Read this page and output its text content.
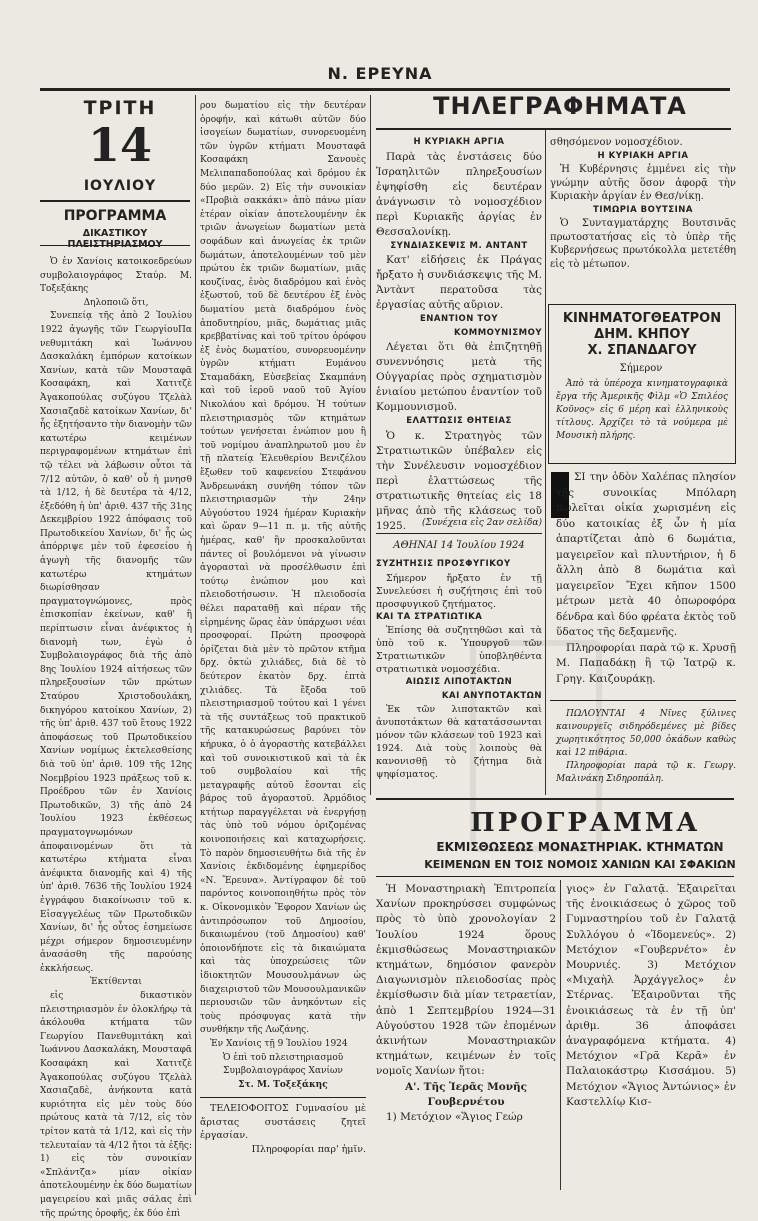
Ν. ΕΡΕΥΝΑ
ΤΡΙΤΗ
14
ΙΟΥΛΙΟΥ
ΠΡΟΓΡΑΜΜΑ
ΔΙΚΑΣΤΙΚΟΥ

Ὁ ἐν Χανίοις κατοικοεδρεύων συμβολαιογράφος Σταύρ. Μ. Τοξεξάκης

Δηλοποιῶ ὅτι,

Συνεπείᾳ τῆς ἀπὸ 2 Ἰουλίου 1922 ἀγωγῆς τῶν ΓεωργίουΠα νεθυμιτάκη καὶ Ἰωάννου Δασκαλάκη ἐμπόρων κατοίκων Χανίων, κατὰ τῶν Μουσταφᾶ Κοσαφάκη, καὶ Χατιτζὲ Ἀγακοπούλας συζύγου Τζελὰλ Χασιαζαδὲ κατοίκων Χανίων, δι' ἧς ἐξητήσαντο τὴν διανομὴν τῶν κατωτέρω κειμένων περιγραφομένων κτημάτων ἐπὶ τῷ τέλει νὰ λάβωσιν οὗτοι τὰ 7/12 αὐτῶν, ὁ καθ' οὗ ἡ μνησθ τὰ 1/12, ἡ δὲ δευτέρα τὰ 4/12, ἐξεδόθη ἡ ὑπ' ἀριθ. 437 τῆς 31ης Δεκεμβρίου 1922 ἀπόφασις τοῦ Πρωτοδικείου Χανίων, δι' ἧς ὡς ἀπόρριψε μὲν τοῦ ἐφεσείου ἡ ἀγωγὴ τῆς διανομῆς τῶν κατωτέρω κτημάτων διωρίσθησαν πραγματογνώμονες, πρὸς ἐπισκοπίαν ἐκείνων, καθ' ἣ περίπτωσιν εἶναι ἀνέφικτος ἡ διανομὴ των, ἐγὼ ὁ Συμβολαιογράφος διὰ τῆς ἀπὸ 8ης Ἰουλίου 1924 αἰτήσεως τῶν πληρεξουσίων τῶν πρώτων Σταύρου Χριστοδουλάκη, δικηγόρου κατοίκου Χανίων, 2) τῆς ὑπ' ἀριθ. 437 τοῦ ἔτους 1922 ἀποφάσεως τοῦ Πρωτοδικείου Χανίων νομίμως ἐκτελεσθείσης διὰ τοῦ ὑπ' ἀριθ. 109 τῆς 12ης Νοεμβρίου 1923 πράξεως τοῦ κ. Προέδρου τῶν ἐν Χανίοις Πρωτοδικῶν, 3) τῆς ἀπὸ 24 Ἰουλίου 1923 ἐκθέσεως πραγματογνωμόνων ἀποφαινομένων ὅτι τὰ κατωτέρω κτήματα εἶναι ἀνέφικτα διανομῆς καὶ 4) τῆς ὑπ' ἀριθ. 7636 τῆς Ἰουλίου 1924 ἐγγράφου διακοίνωσιν τοῦ κ. Εἰσαγγελέως τῶν Πρωτοδικῶν Χανίων, δι' ἧς οὗτος ἐσημείωσε μέχρι σήμερον δημοσιευμένην ἀνασάσθη τῆς παρούσης ἐκκλήσεως.

Ἐκτίθενται

εἰς δικαστικὸν πλειστηριασμὸν ἐν ὁλοκλήρῳ τὰ ἀκόλουθα κτήματα τῶν Γεωργίου Πανεθυμιτάκη καὶ Ἰωάννου Δασκαλάκη, Μουσταφᾶ Κοσαφάκη καὶ Χατιτζὲ Ἀγακοπούλας συζύγου Τζελὰλ Χασιαζαδὲ, ἀνήκοντα κατὰ κυριότητα εἰς μὲν τοὺς δύο πρώτους κατὰ τὰ 7/12, εἰς τὸν τρίτον κατὰ τὰ 1/12, καὶ εἰς τὴν τελευταίαν τὰ 4/12 ἤτοι τὰ ἑξῆς: 1) εἰς τὸν συνοικίαν «Σπλάντζα» μίαν οἰκίαν ἀποτελουμένην ἐκ δύο δωματίων μαγειρείου καὶ μιᾶς σάλας ἐπὶ τῆς πρώτης ὀροφῆς, ἐκ δύο ἐπὶ

ρου δωματίου εἰς τὴν δευτέραν ὀροφήν, καὶ κάτωθι αὐτῶν δύο ἰσογείων δωματίων, συνορευομένη τῶν ὑγρῶν κτήματι Μουσταφᾶ Κοσαφάκη Σανουὲς Μελιπαπαδοπούλας καὶ δρόμου ἐκ δύο μερῶν. 2) Εἰς τὴν συνοικίαν «Προβιὰ σακκάκι» ἀπὸ πάνω μίαν ἑτέραν οἰκίαν ἀποτελουμένην ἐκ τριῶν ἀνωγείων δωματίων μετὰ σοφάδων καὶ ἀνωγείας ἐκ τριῶν δωμάτων, ἀποτελουμένων τοῦ μὲν πρώτου ἐκ τριῶν δωματίων, μιᾶς κουζίνας, ἑνὸς διαδρόμου καὶ ἑνὸς ἐξωστοῦ, τοῦ δὲ δευτέρου ἐξ ἑνὸς δωματίου μετὰ διαδρόμου ἑνὸς ἀποδυτηρίου, μιᾶς, δωμάτιας μιᾶς κρεββατίνας καὶ τοῦ τρίτου ὀρόφου ἐξ ἑνὸς δωματίου, συνορευομένην ὑγρῶν κτήματι Ευμάνου Σταμαδάκη, Εὐσεβείας Σκαμπάνη καὶ τοῦ ἱεροῦ ναοῦ τοῦ Ἁγίου Νικολάου καὶ δρόμου. Ἡ τούτων πλειστηριασμὸς τῶν κτημάτων τούτων γενήσεται ἐνώπιον μου ἢ τοῦ νομίμου ἀναπληρωτοῦ μου ἐν τῇ πλατείᾳ Ἐλευθερίου Βενιζέλου ἔξωθεν τοῦ καφενείου Στεφάνου Ἀνδρεωνάκη συνήθη τόπον τῶν πλειστηριασμῶν τὴν 24ην Αὐγούστου 1924 ἡμέραν Κυριακὴν καὶ ὥραν 9—11 π. μ. τῆς αὐτῆς ἡμέρας, καθ' ἣν προσκαλοῦνται πάντες οἱ βουλόμενοι νὰ γίνωσιν ἀγορασταὶ νὰ προσέλθωσιν ἐπὶ τούτῳ ἐνώπιον μου καὶ πλειοδοτήσωσιν. Ἡ πλειοδοσία θέλει παραταθῇ καὶ πέραν τῆς εἰρημένης ὥρας ἐὰν ὑπάρχωσι νέαι προσφοραί. Πρώτη προσφορὰ ὁρίζεται διὰ μὲν τὸ πρῶτον κτῆμα δρχ. ὀκτὼ χιλιάδες, διὰ δὲ τὸ δεύτερον ἑκατὸν δρχ. ἑπτὰ χιλιάδες. Τὰ ἔξοδα τοῦ πλειστηριασμοῦ τούτου καὶ 1 γένει τὰ τῆς συντάξεως τοῦ πρακτικοῦ τῆς κατακυρώσεως βαρύνει τὸν κήρυκα, ὁ ὁ ἀγοραστὴς κατεβάλλει καὶ τοῦ συνοικιστικοῦ καὶ τὰ ἐκ τοῦ συμβολαίου καὶ τῆς μεταγραφῆς αὐτοῦ ἔσονται εἰς βάρος τοῦ ἀγοραστοῦ. Ἁρμόδιος κτήτωρ παραγγέλεται νὰ ἐνεργήσῃ τὰς ὑπὸ τοῦ νόμου ὁριζομένας κοινοποιήσεις καὶ καταχωρήσεις. Τὸ παρὸν δημοσιευθήτω διὰ τῆς ἐν Χανίοις ἐκδιδομένης ἐφημερίδος «Ν. Ἔρευνα». Ἀντίγραφον δὲ τοῦ παρόντος κοινοποιηθήτω πρὸς τὸν κ. Οἰκονομικὸν Ἔφορον Χανίων ὡς ἀντιπρόσωπον τοῦ Δημοσίου, δικαιωμένου (τοῦ Δημοσίου) καθ' ὁποιονδήποτε εἰς τὰ δικαιώματα καὶ τὰς ὑποχρεώσεις τῶν ἰδιοκτητῶν Μουσουλμάνων ὡς διαχειριστοῦ τῶν Μουσουλμανικῶν περιουσιῶν τῶν ἀνηκόντων εἰς τοὺς πρόσφυγας κατὰ τὴν συνθήκην τῆς Λωζάνης.

Ἐν Χανίοις τῇ 9 Ἰουλίου 1924

Ὁ ἐπὶ τοῦ πλειστηριασμοῦ Συμβολαιογράφος Χανίων

Στ. Μ. Τοξεξάκης

ΤΕΛΕΙΟΦΟΙΤΟΣ Γυμνασίου μὲ ἄριστας συστάσεις ζητεῖ ἐργασίαν.

Πληροφορίαι παρ' ἡμῖν.

ΤΗΛΕΓΡΑΦΗΜΑΤΑ
Η ΚΥΡΙΑΚΗ ΑΡΓΙΑ

Παρὰ τὰς ἐνστάσεις δύο Ἰσραηλιτῶν πληρεξουσίων ἐψηφίσθη εἰς δευτέραν ἀνάγνωσιν τὸ νομοσχέδιον περὶ Κυριακῆς ἀργίας ἐν Θεσσαλονίκῃ.

ΣΥΝΔΙΑΣΚΕΨΙΣ Μ. ΑΝΤΑΝΤ

Κατ' εἰδήσεις ἐκ Πράγας ἤρξατο ἡ συνδιάσκεψις τῆς Μ. Ἀντὰντ περατοῦσα τὰς ἐργασίας αὐτῆς αὔριον.

ΕΝΑΝΤΙΟΝ ΤΟΥ
ΚΟΜΜΟΥΝΙΣΜΟΥ

Λέγεται ὅτι θὰ ἐπιζητηθῇ συνεννόησις μετὰ τῆς Οὐγγαρίας πρὸς σχηματισμὸν ἑνιαίου μετώπου ἐναντίον τοῦ Κομμουνισμοῦ.

ΕΛΑΤΤΩΣΙΣ ΘΗΤΕΙΑΣ

Ὁ κ. Στρατηγὸς τῶν Στρατιωτικῶν ὑπέβαλεν εἰς τὴν Συνέλευσιν νομοσχέδιον περὶ ἐλαττώσεως τῆς στρατιωτικῆς θητείας εἰς 18 μῆνας ἀπὸ τῆς κλάσεως τοῦ 1925.	(Συνέχεια εἰς 2αν σελίδα)
ΑΘΗΝΑΙ 14 Ἰουλίου 1924
ΣΥΖΗΤΗΣΙΣ ΠΡΟΣΦΥΓΙΚΟΥ

Σήμερον ἤρξατο ἐν τῇ Συνελεύσει ἡ συζήτησις ἐπὶ τοῦ προσφυγικοῦ ζητήματος.

ΚΑΙ ΤΑ ΣΤΡΑΤΙΩΤΙΚΑ

Ἐπίσης θὰ συζητηθῶσι καὶ τὰ ὑπὸ τοῦ κ. Ὑπουργοῦ τῶν Στρατιωτικῶν ὑποβληθέντα στρατιωτικὰ νομοσχέδια.

ΑΙΩΣΙΣ ΛΙΠΟΤΑΚΤΩΝ
ΚΑΙ ΑΝΥΠΟΤΑΚΤΩΝ

Ἐκ τῶν λιποτακτῶν καὶ ἀνυποτάκτων θὰ κατατάσσωνται μόνον τῶν κλάσεων τοῦ 1923 καὶ 1924. Διὰ τοὺς λοιποὺς θὰ κανονισθῇ τὸ ζήτημα διὰ ψηφίσματος.

σθησόμενον νομοσχέδιον.

Η ΚΥΡΙΑΚΗ ΑΡΓΙΑ

Ἡ Κυβέρνησις ἐμμένει εἰς τὴν γνώμην αὐτῆς ὅσον ἀφορᾷ τὴν Κυριακὴν ἀργίαν ἐν Θεσ/νίκῃ.

ΤΙΜΩΡΙΑ ΒΟΥΤΣΙΝΑ

Ὁ Συνταγματάρχης Βουτσινᾶς πρωτοστατήσας εἰς τὸ ὑπὲρ τῆς Κυβερνήσεως πρωτόκολλα μετετέθη εἰς τὸ μέτωπον.

ΚΙΝΗΜΑΤΟΓΘΕΑΤΡΟΝ
ΔΗΜ. ΚΗΠΟΥ
Χ. ΣΠΑΝΔΑΓΟΥ
Σήμερον

Ἀπὸ τὰ ὑπέροχα κινηματογραφικὰ ἔργα τῆς Ἀμερικῆς Φὶλμ «Ὁ Σπιλέος Κοῦνος» εἰς 6 μέρη καὶ ἑλληνικοὺς τίτλους. Ἀρχίζει τὸ τὰ νούμερα μὲ Μουσικὴ πλήρης.

ΣΙ την ὁδὸν Χαλέπας πλησίον τῆς συνοικίας Μπόλαρη πωλεῖται οἰκία χωρισμένη εἰς δύο κατοικίας ἐξ ὧν ἡ μία ἀπαρτίζεται ἀπὸ 6 δωμάτια, μαγειρεῖον καὶ πλυντήριον, ἡ δ ἄλλη ἀπὸ 8 δωμάτια καὶ μαγειρεῖον Ἔχει κῆπον 1500 μέτρων μετὰ 40 ὀπωροφόρα δένδρα καὶ δύο φρέατα ἐκτὸς τοῦ ὕδατος τῆς δεξαμενῆς.

Πληροφορίαι παρὰ τῷ κ. Χρυσῇ Μ. Παπαδάκῃ ἢ τῷ Ἰατρῷ κ. Γρηγ. Καιζουράκῃ.

ΠΩΛΟΥΝΤΑΙ 4 Νῖνες ξύλινες καινουργεῖς σιδηρόδεμένες μὲ βίδες χωρητικότητος 50,000 ὀκάδων καθὼς καὶ 12 πιθάρια.

Πληροφορίαι παρὰ τῷ κ. Γεωργ. Μαλινάκη Σιδηροπάλη.

ΠΡΟΓΡΑΜΜΑ
ΕΚΜΙΣΘΩΣΕΩΣ ΜΟΝΑΣΤΗΡΙΑΚ. ΚΤΗΜΑΤΩΝ
ΚΕΙΜΕΝΩΝ ΕΝ ΤΟΙΣ ΝΟΜΟΙΣ ΧΑΝΙΩΝ ΚΑΙ ΣΦΑΚΙΩΝ

Ἡ Μοναστηριακὴ Ἐπιτροπεία Χανίων προκηρύσσει συμφώνως πρὸς τὸ ὑπὸ χρονολογίαν 2 Ἰουλίου 1924 ὅρους ἐκμισθώσεως Μοναστηριακῶν κτημάτων, δημόσιον φανερὸν Διαγωνισμὸν πλειοδοσίας πρὸς ἐκμίσθωσιν διὰ μίαν τετραετίαν, ἀπὸ 1 Σεπτεμβρίου 1924—31 Αὐγούστου 1928 τῶν ἑπομένων ἀκινήτων Μοναστηριακῶν κτημάτων, κειμένων ἐν τοῖς νομοῖς Χανίων ἤτοι:

Α'. Τῆς Ἱερᾶς Μονῆς Γουβερνέτου

1) Μετόχιον «Ἅγιος Γεώρ

γιος» ἐν Γαλατᾷ. Ἐξαιρεῖται τῆς ἐνοικιάσεως ὁ χῶρος τοῦ Γυμναστηρίου τοῦ ἐν Γαλατᾷ Συλλόγου ὁ «Ἰδομενεύς». 2) Μετόχιον «Γουβερνέτο» ἐν Μουρνιές. 3) Μετόχιον «Μιχαὴλ Ἀρχάγγελος» ἐν Στέρνας. Ἐξαιροῦνται τῆς ἐνοικιάσεως τὰ ἐν τῇ ὑπ' ἀριθμ. 36 ἀποφάσει ἀναγραφόμενα κτήματα. 4) Μετόχιον «Γρᾶ Κερᾶ» ἐν Παλαιοκάστρῳ Κισσάμου. 5) Μετόχιον «Ἅγιος Ἀντώνιος» ἐν Καστελλίῳ Κισ-
